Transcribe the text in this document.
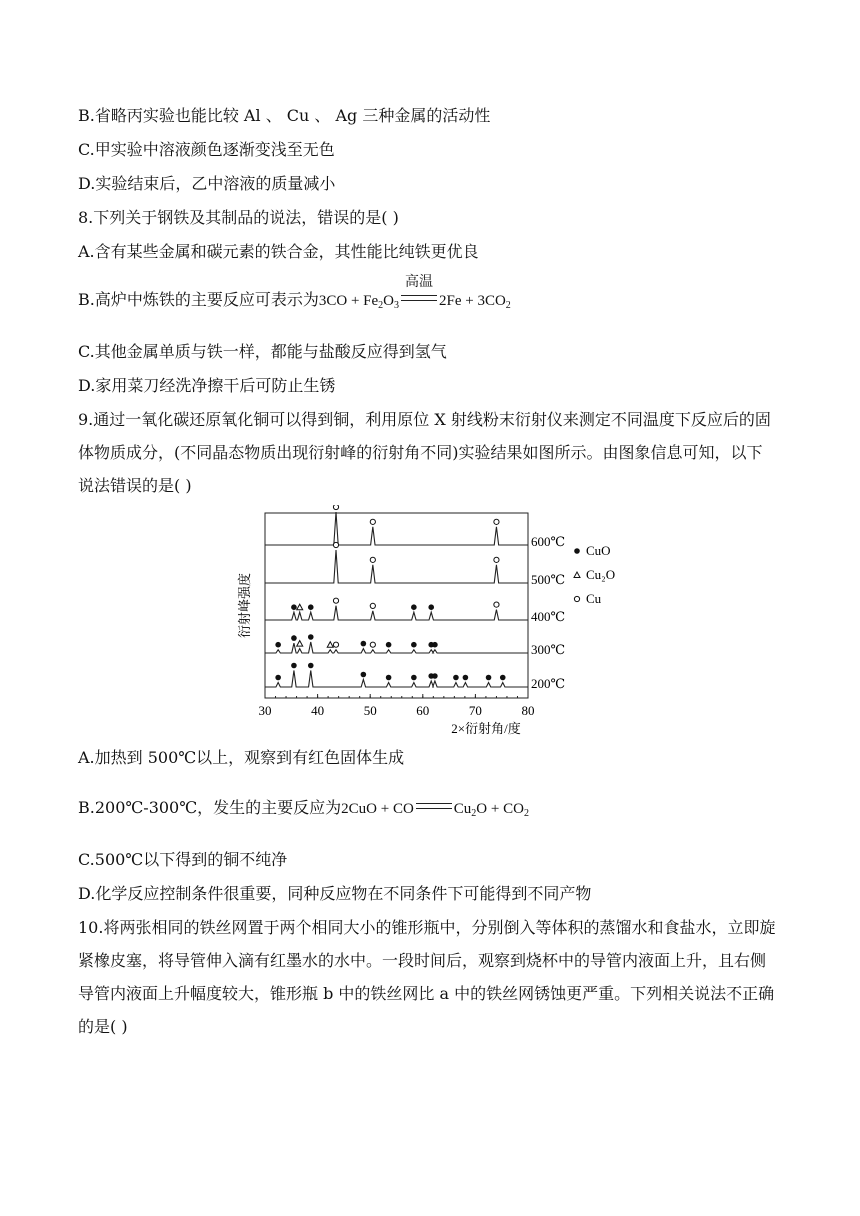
B.省略丙实验也能比较 Al 、 Cu 、 Ag 三种金属的活动性
C.甲实验中溶液颜色逐渐变浅至无色
D.实验结束后，乙中溶液的质量减小
8.下列关于钢铁及其制品的说法，错误的是( )
A.含有某些金属和碳元素的铁合金，其性能比纯铁更优良
B.高炉中炼铁的主要反应可表示为$3CO + Fe_2O_3$
高温
$2Fe + 3CO_2$
C.其他金属单质与铁一样，都能与盐酸反应得到氢气
D.家用菜刀经洗净擦干后可防止生锈
9.通过一氧化碳还原氧化铜可以得到铜，利用原位 X 射线粉末衍射仪来测定不同温度下反应后的固体物质成分，(不同晶态物质出现衍射峰的衍射角不同)实验结果如图所示。由图象信息可知，以下说法错误的是( )
30	40	50	60	70	80
2×衍射角/度
衍射峰强度
600℃
500℃
400℃
300℃
200℃
CuO
Cu₂O
Cu
A.加热到 500℃以上，观察到有红色固体生成
B.200℃-300℃，发生的主要反应为2CuO + CO	$Cu_2O + CO_2$
C.500℃以下得到的铜不纯净
D.化学反应控制条件很重要，同种反应物在不同条件下可能得到不同产物
10.将两张相同的铁丝网置于两个相同大小的锥形瓶中，分别倒入等体积的蒸馏水和食盐水，立即旋紧橡皮塞，将导管伸入滴有红墨水的水中。一段时间后，观察到烧杯中的导管内液面上升，且右侧导管内液面上升幅度较大，锥形瓶 b 中的铁丝网比 a 中的铁丝网锈蚀更严重。下列相关说法不正确的是( )
